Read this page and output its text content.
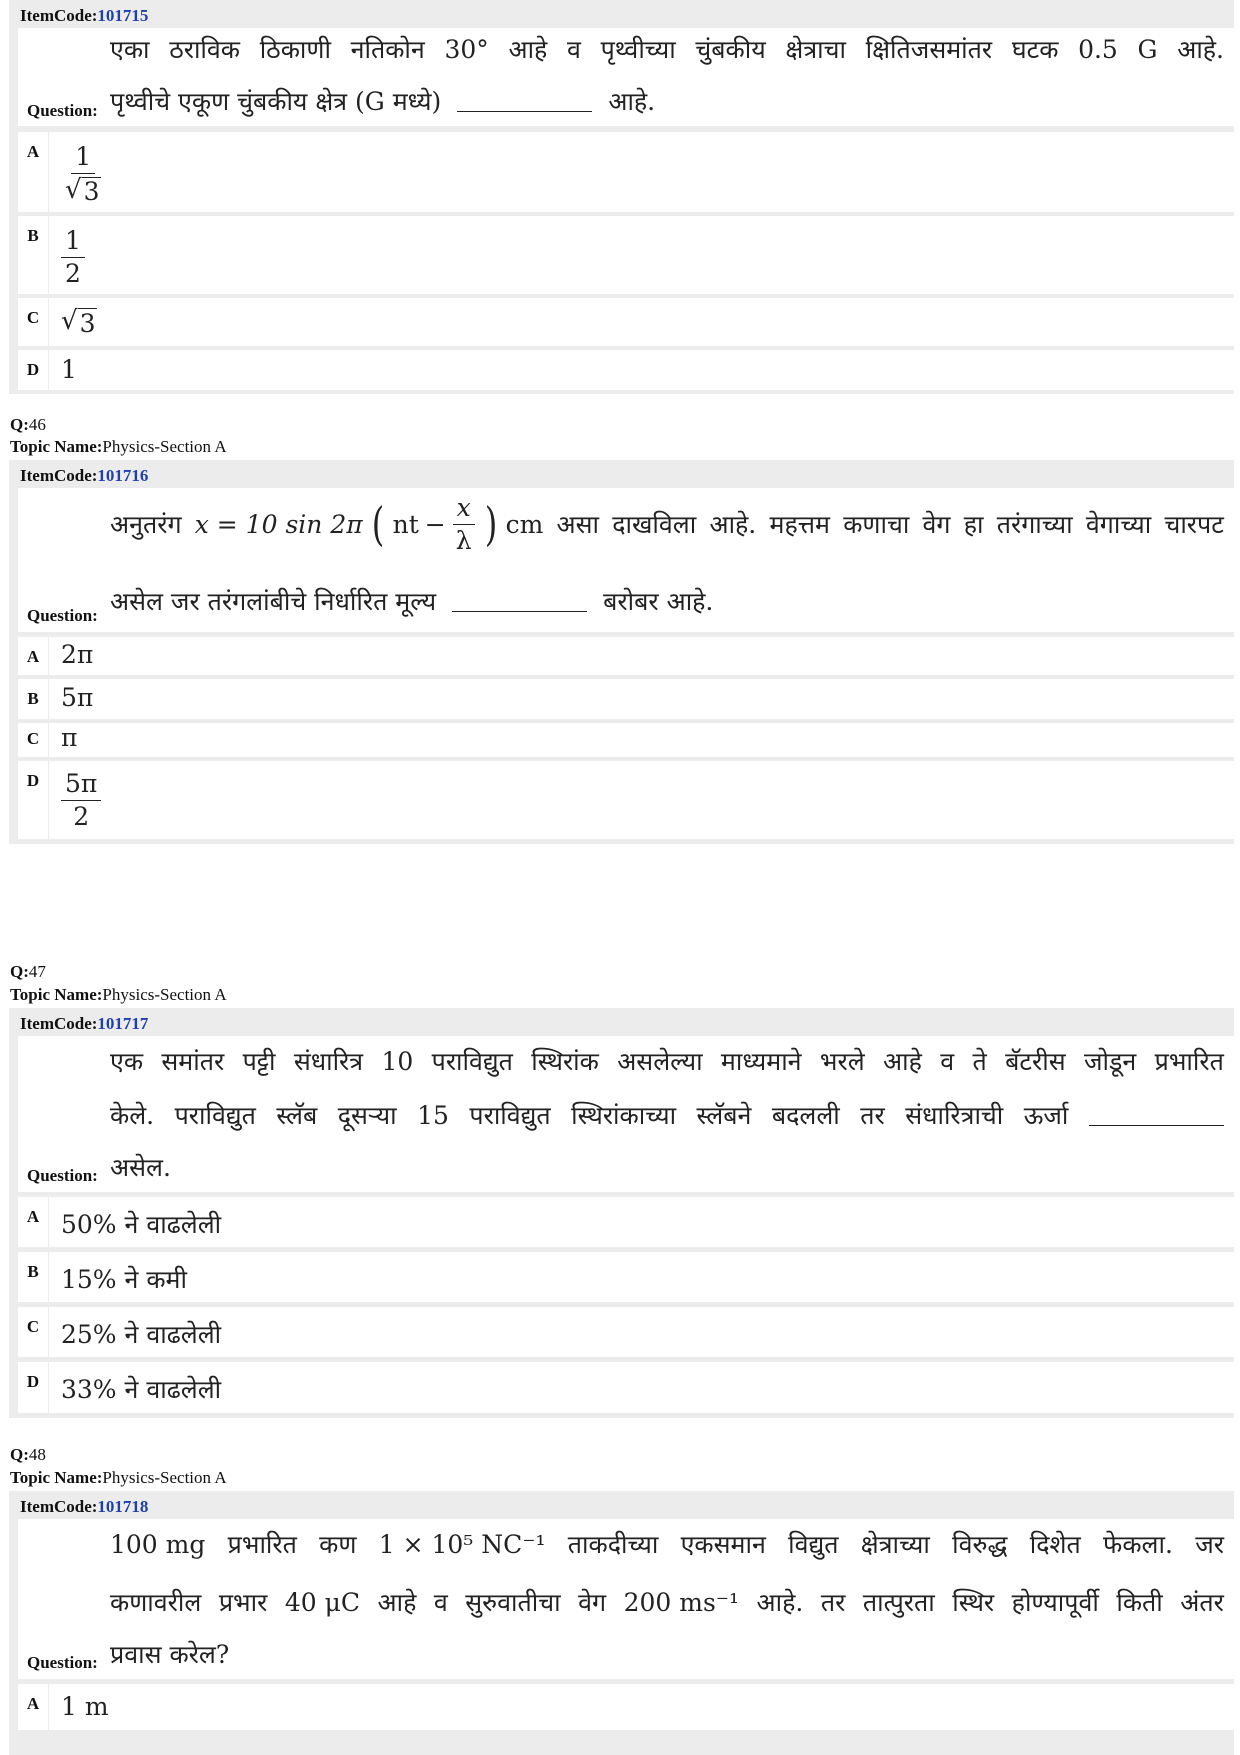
ItemCode:101715
Question:
एका ठराविक ठिकाणी नतिकोन 30° आहे व पृथ्वीच्या चुंबकीय क्षेत्राचा क्षितिजसमांतर घटक 0.5 G आहे.
पृथ्वीचे एकूण चुंबकीय क्षेत्र (G मध्ये)	आहे.
A $\frac{1}{√ 3}$
B $\frac{1}{2}$
C √ 3
D 1
Q:46
Topic Name:Physics-Section A
ItemCode:101716
Question:
अनुतरंग x = 10 sin 2π ( nt − $\frac{x}{\lambda}$ ) cm असा दाखविला आहे. महत्तम कणाचा वेग हा तरंगाच्या वेगाच्या चारपट
असेल जर तरंगलांबीचे निर्धारित मूल्य	बरोबर आहे.
A 2π
B 5π
C π
D $\frac{5\pi}{2}$
Q:47
Topic Name:Physics-Section A
ItemCode:101717
Question:
एक समांतर पट्टी संधारित्र 10 पराविद्युत स्थिरांक असलेल्या माध्यमाने भरले आहे व ते बॅटरीस जोडून प्रभारित
केले. पराविद्युत स्लॅब दूसऱ्या 15 पराविद्युत स्थिरांकाच्या स्लॅबने बदलली तर संधारित्राची ऊर्जा
असेल.
A 50% ने वाढलेली
B 15% ने कमी
C 25% ने वाढलेली
D 33% ने वाढलेली
Q:48
Topic Name:Physics-Section A
ItemCode:101718
Question:
100 mg प्रभारित कण 1 × 10⁵ NC⁻¹ ताकदीच्या एकसमान विद्युत क्षेत्राच्या विरुद्ध दिशेत फेकला. जर
कणावरील प्रभार 40 μC आहे व सुरुवातीचा वेग 200 ms⁻¹ आहे. तर तात्पुरता स्थिर होण्यापूर्वी किती अंतर
प्रवास करेल?
A 1 m
